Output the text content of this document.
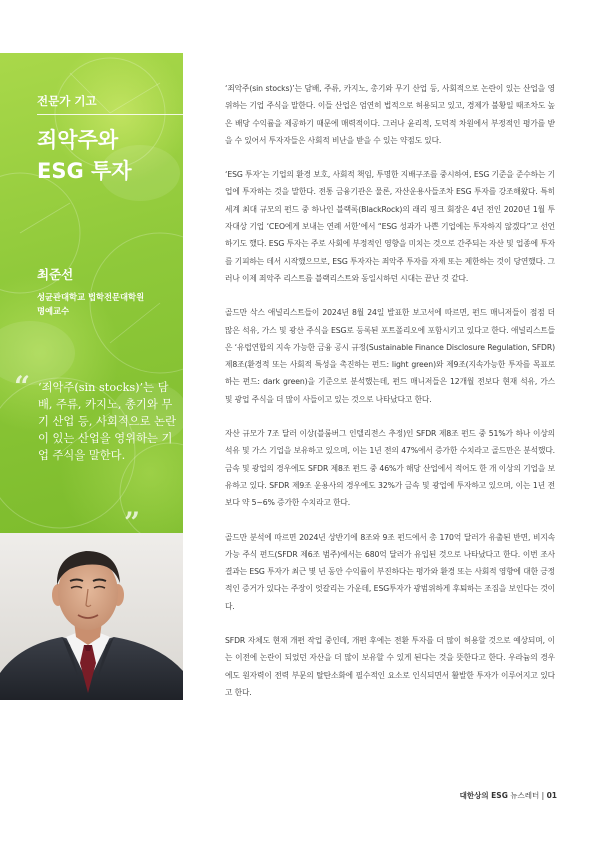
전문가 기고
죄악주와
ESG 투자
최준선
성균관대학교 법학전문대학원
명예교수
“ ‘죄악주(sin stocks)’는 담배, 주류, 카지노, 총기와 무기 산업 등, 사회적으로 논란이 있는 산업을 영위하는 기업 주식을 말한다.
”

‘죄악주(sin stocks)’는 담배, 주류, 카지노, 총기와 무기 산업 등, 사회적으로 논란이 있는 산업을 영위하는 기업 주식을 말한다. 이들 산업은 엄연히 법적으로 허용되고 있고, 경제가 불황일 때조차도 높은 배당 수익률을 제공하기 때문에 매력적이다. 그러나 윤리적, 도덕적 차원에서 부정적인 평가를 받을 수 있어서 투자자들은 사회적 비난을 받을 수 있는 약점도 있다.

‘ESG 투자’는 기업의 환경 보호, 사회적 책임, 투명한 지배구조를 중시하여, ESG 기준을 준수하는 기업에 투자하는 것을 말한다. 전통 금융기관은 물론, 자산운용사들조차 ESG 투자를 강조해왔다. 특히 세계 최대 규모의 펀드 중 하나인 블랙록(BlackRock)의 래리 핑크 회장은 4년 전인 2020년 1월 투자대상 기업 ‘CEO에게 보내는 연례 서한’에서 “ESG 성과가 나쁜 기업에는 투자하지 않겠다”고 선언하기도 했다. ESG 투자는 주로 사회에 부정적인 영향을 미치는 것으로 간주되는 자산 및 업종에 투자를 기피하는 데서 시작했으므로, ESG 투자자는 죄악주 투자를 자제 또는 제한하는 것이 당연했다. 그러나 이제 죄악주 리스트를 블랙리스트와 동일시하던 시대는 끝난 것 같다.

골드만 삭스 애널리스트들이 2024년 8월 24일 발표한 보고서에 따르면, 펀드 매니저들이 점점 더 많은 석유, 가스 및 광산 주식을 ESG로 등록된 포트폴리오에 포함시키고 있다고 한다. 애널리스트들은 ‘유럽연합의 지속 가능한 금융 공시 규정(Sustainable Finance Disclosure Regulation, SFDR) 제8조(환경적 또는 사회적 특성을 촉진하는 펀드: light green)와 제9조(지속가능한 투자를 목표로 하는 펀드: dark green)을 기준으로 분석했는데, 펀드 매니저들은 12개월 전보다 현재 석유, 가스 및 광업 주식을 더 많이 사들이고 있는 것으로 나타났다고 한다.

자산 규모가 7조 달러 이상(블룸버그 인텔리전스 추정)인 SFDR 제8조 펀드 중 51%가 하나 이상의 석유 및 가스 기업을 보유하고 있으며, 이는 1년 전의 47%에서 증가한 수치라고 골드만은 분석했다. 금속 및 광업의 경우에도 SFDR 제8조 펀드 중 46%가 해당 산업에서 적어도 한 개 이상의 기업을 보유하고 있다. SFDR 제9조 운용사의 경우에도 32%가 금속 및 광업에 투자하고 있으며, 이는 1년 전보다 약 5~6% 증가한 수치라고 한다.

골드만 분석에 따르면 2024년 상반기에 8조와 9조 펀드에서 총 170억 달러가 유출된 반면, 비지속가능 주식 펀드(SFDR 제6조 범주)에서는 680억 달러가 유입된 것으로 나타났다고 한다. 이번 조사 결과는 ESG 투자가 최근 몇 년 동안 수익률이 부진하다는 평가와 환경 또는 사회적 영향에 대한 긍정적인 증거가 있다는 주장이 엇갈리는 가운데, ESG투자가 광범위하게 후퇴하는 조짐을 보인다는 것이다.

SFDR 자체도 현재 개편 작업 중인데, 개편 후에는 전환 투자를 더 많이 허용할 것으로 예상되며, 이는 이전에 논란이 되었던 자산을 더 많이 보유할 수 있게 된다는 것을 뜻한다고 한다. 우라늄의 경우에도 원자력이 전력 부문의 탈탄소화에 필수적인 요소로 인식되면서 활발한 투자가 이루어지고 있다고 한다.

대한상의 ESG 뉴스레터 | 01
